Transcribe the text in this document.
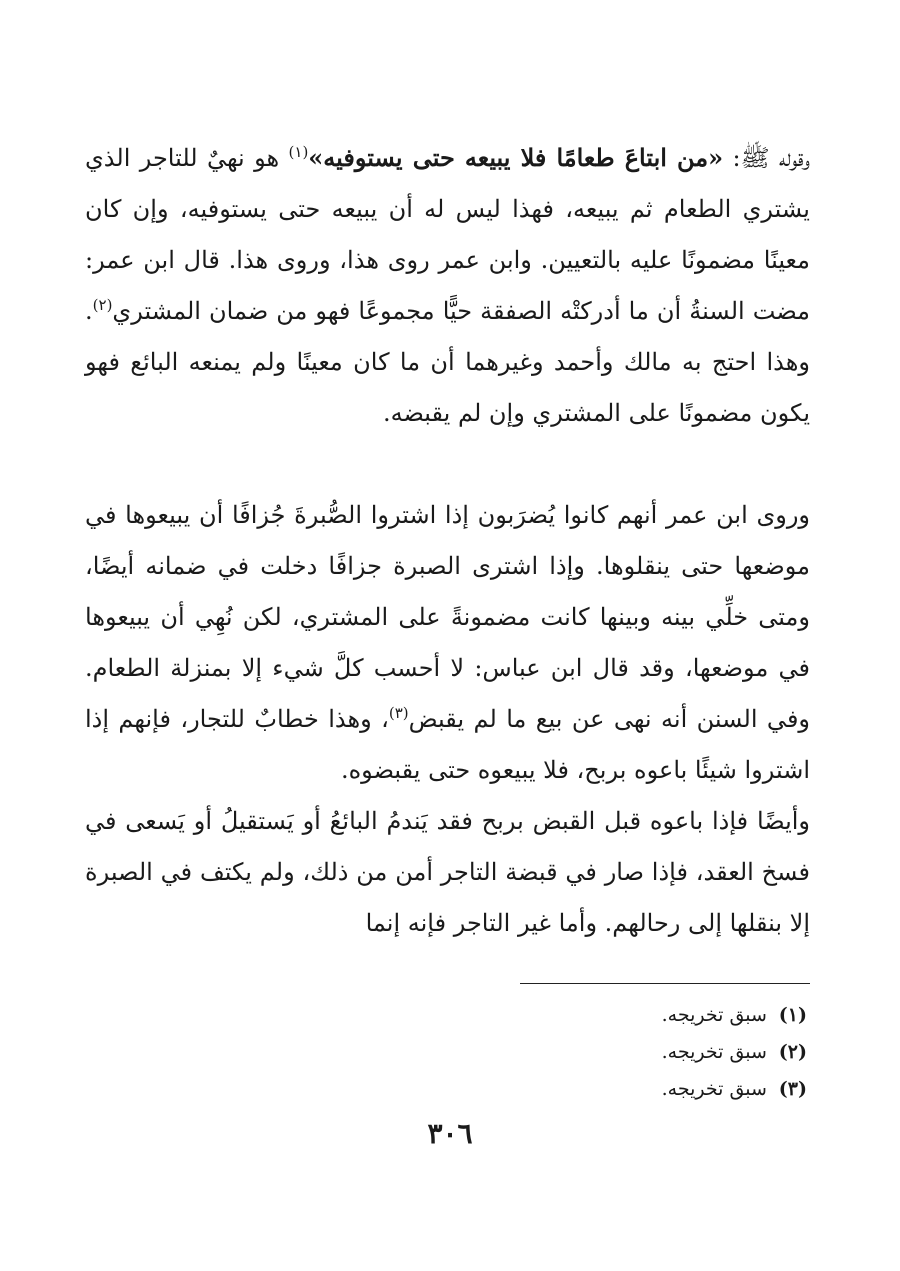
وقوله ﷺ: «من ابتاعَ طعامًا فلا يبيعه حتى يستوفيه»$^{(١)}$ هو نهيٌ للتاجر الذي يشتري الطعام ثم يبيعه، فهذا ليس له أن يبيعه حتى يستوفيه، وإن كان معينًا مضمونًا عليه بالتعيين. وابن عمر روى هذا، وروى هذا. قال ابن عمر: مضت السنةُ أن ما أدركتْه الصفقة حيًّا مجموعًا فهو من ضمان المشتري$^{(٢)}$. وهذا احتج به مالك وأحمد وغيرهما أن ما كان معينًا ولم يمنعه البائع فهو يكون مضمونًا على المشتري وإن لم يقبضه.

وروى ابن عمر أنهم كانوا يُضرَبون إذا اشتروا الصُّبرةَ جُزافًا أن يبيعوها في موضعها حتى ينقلوها. وإذا اشترى الصبرة جزافًا دخلت في ضمانه أيضًا، ومتى خلِّي بينه وبينها كانت مضمونةً على المشتري، لكن نُهِي أن يبيعوها في موضعها، وقد قال ابن عباس: لا أحسب كلَّ شيء إلا بمنزلة الطعام. وفي السنن أنه نهى عن بيع ما لم يقبض$^{(٣)}$، وهذا خطابٌ للتجار، فإنهم إذا اشتروا شيئًا باعوه بربح، فلا يبيعوه حتى يقبضوه.

وأيضًا فإذا باعوه قبل القبض بربح فقد يَندمُ البائعُ أو يَستقيلُ أو يَسعى في فسخ العقد، فإذا صار في قبضة التاجر أمن من ذلك، ولم يكتف في الصبرة إلا بنقلها إلى رحالهم. وأما غير التاجر فإنه إنما

(١) سبق تخريجه.
(٢) سبق تخريجه.
(٣) سبق تخريجه.
٣٠٦
